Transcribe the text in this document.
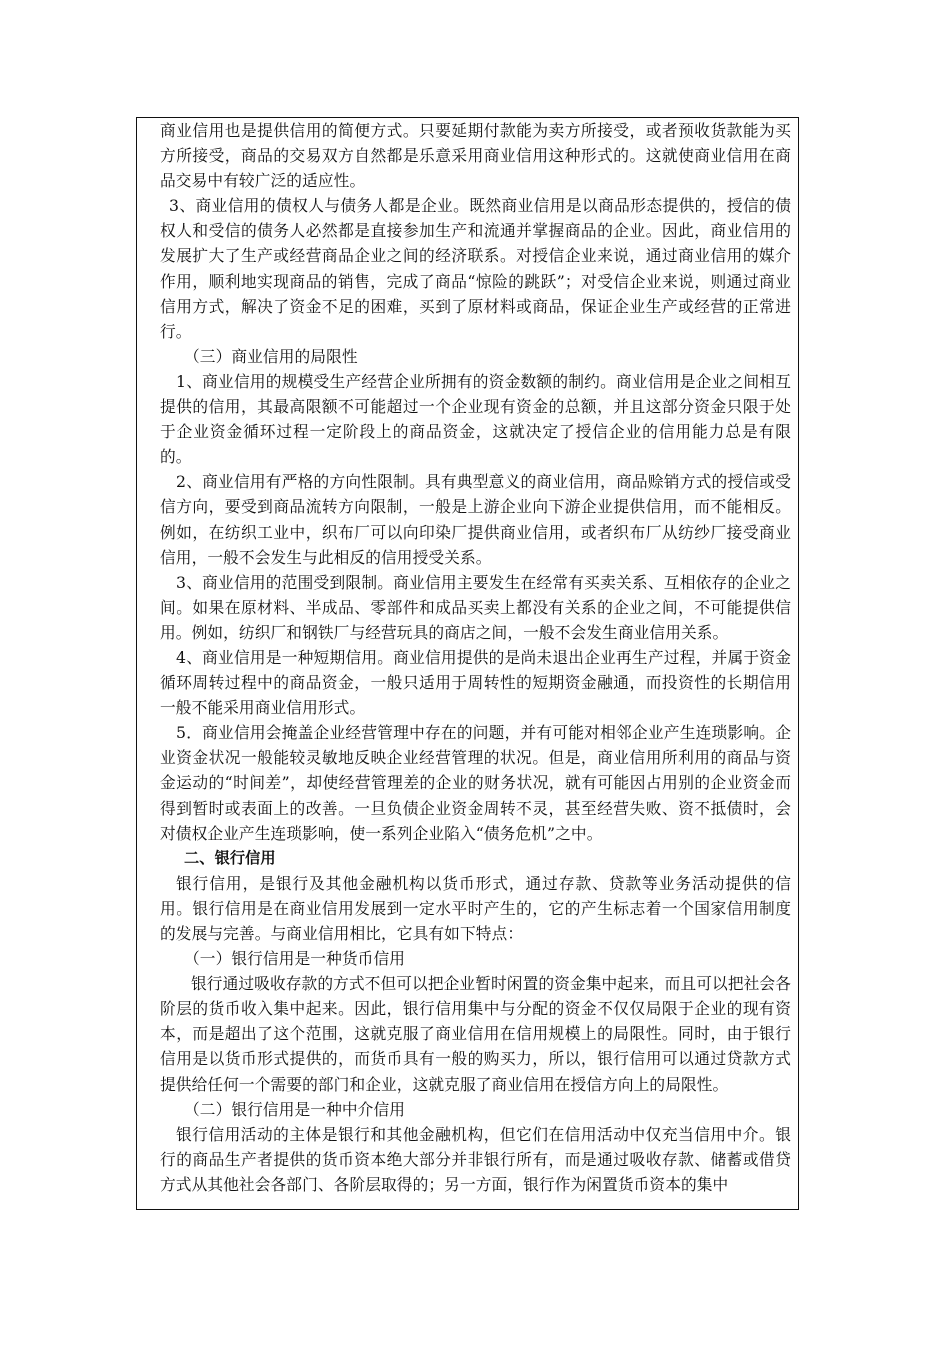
商业信用也是提供信用的简便方式。只要延期付款能为卖方所接受，或者预收货款能为买方所接受，商品的交易双方自然都是乐意采用商业信用这种形式的。这就使商业信用在商品交易中有较广泛的适应性。

3、商业信用的债权人与债务人都是企业。既然商业信用是以商品形态提供的，授信的债权人和受信的债务人必然都是直接参加生产和流通并掌握商品的企业。因此，商业信用的发展扩大了生产或经营商品企业之间的经济联系。对授信企业来说，通过商业信用的媒介作用，顺利地实现商品的销售，完成了商品“惊险的跳跃”；对受信企业来说，则通过商业信用方式，解决了资金不足的困难，买到了原材料或商品，保证企业生产或经营的正常进行。

（三）商业信用的局限性

1、商业信用的规模受生产经营企业所拥有的资金数额的制约。商业信用是企业之间相互提供的信用，其最高限额不可能超过一个企业现有资金的总额，并且这部分资金只限于处于企业资金循环过程一定阶段上的商品资金，这就决定了授信企业的信用能力总是有限的。

2、商业信用有严格的方向性限制。具有典型意义的商业信用，商品赊销方式的授信或受信方向，要受到商品流转方向限制，一般是上游企业向下游企业提供信用，而不能相反。例如，在纺织工业中，织布厂可以向印染厂提供商业信用，或者织布厂从纺纱厂接受商业信用，一般不会发生与此相反的信用授受关系。

3、商业信用的范围受到限制。商业信用主要发生在经常有买卖关系、互相依存的企业之间。如果在原材料、半成品、零部件和成品买卖上都没有关系的企业之间，不可能提供信用。例如，纺织厂和钢铁厂与经营玩具的商店之间，一般不会发生商业信用关系。

4、商业信用是一种短期信用。商业信用提供的是尚未退出企业再生产过程，并属于资金循环周转过程中的商品资金，一般只适用于周转性的短期资金融通，而投资性的长期信用一般不能采用商业信用形式。

5．商业信用会掩盖企业经营管理中存在的问题，并有可能对相邻企业产生连琐影响。企业资金状况一般能较灵敏地反映企业经营管理的状况。但是，商业信用所利用的商品与资金运动的“时间差”，却使经营管理差的企业的财务状况，就有可能因占用别的企业资金而得到暂时或表面上的改善。一旦负债企业资金周转不灵，甚至经营失败、资不抵债时，会对债权企业产生连琐影响，使一系列企业陷入“债务危机”之中。

二、银行信用

银行信用，是银行及其他金融机构以货币形式，通过存款、贷款等业务活动提供的信用。银行信用是在商业信用发展到一定水平时产生的，它的产生标志着一个国家信用制度的发展与完善。与商业信用相比，它具有如下特点：

（一）银行信用是一种货币信用

银行通过吸收存款的方式不但可以把企业暂时闲置的资金集中起来，而且可以把社会各阶层的货币收入集中起来。因此，银行信用集中与分配的资金不仅仅局限于企业的现有资本，而是超出了这个范围，这就克服了商业信用在信用规模上的局限性。同时，由于银行信用是以货币形式提供的，而货币具有一般的购买力，所以，银行信用可以通过贷款方式提供给任何一个需要的部门和企业，这就克服了商业信用在授信方向上的局限性。

（二）银行信用是一种中介信用

银行信用活动的主体是银行和其他金融机构，但它们在信用活动中仅充当信用中介。银行的商品生产者提供的货币资本绝大部分并非银行所有，而是通过吸收存款、储蓄或借贷方式从其他社会各部门、各阶层取得的；另一方面，银行作为闲置货币资本的集中
